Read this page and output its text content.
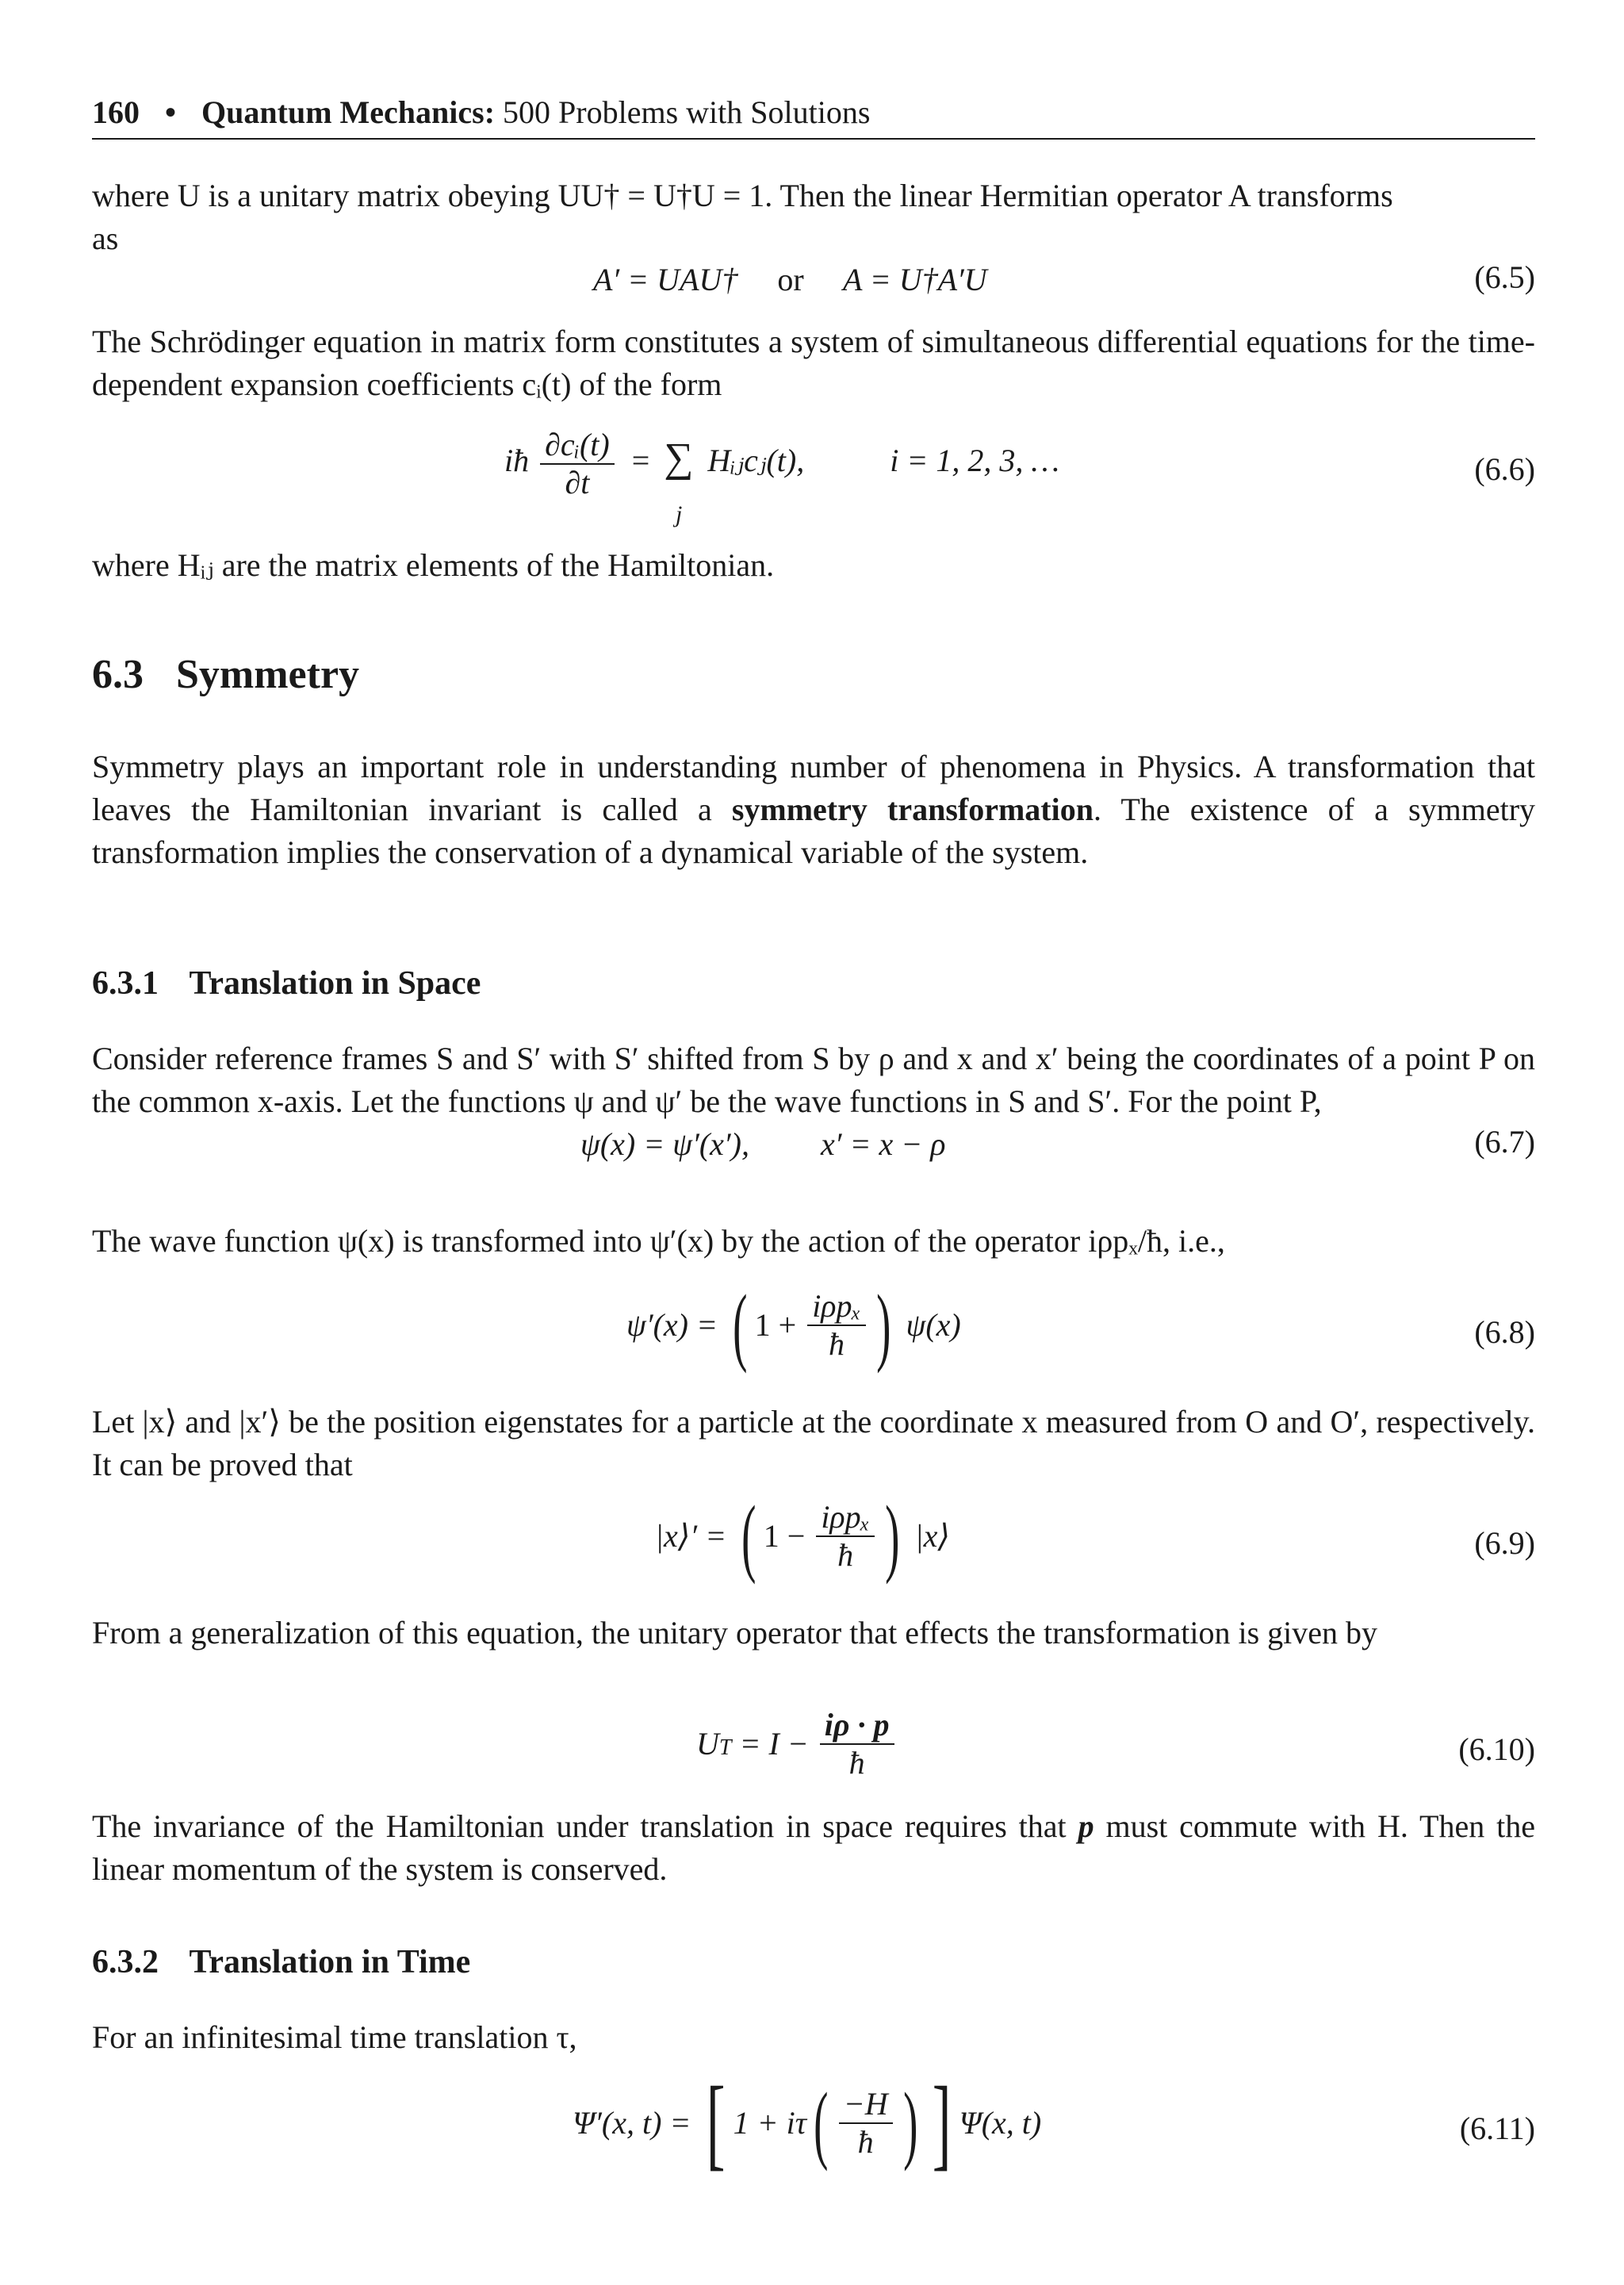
160 • Quantum Mechanics: 500 Problems with Solutions
where U is a unitary matrix obeying UU† = U†U = 1. Then the linear Hermitian operator A transforms
as
A′ = UAU† or A = U†A′U	(6.5)
The Schrödinger equation in matrix form constitutes a system of simultaneous differential equations for the time-dependent expansion coefficients cᵢ(t) of the form
iħ $\frac{\text{∂cᵢ(t)}}{\partial t}$ = ∑ Hᵢⱼcⱼ(t),	i = 1, 2, 3, …
j
(6.6)
where Hᵢⱼ are the matrix elements of the Hamiltonian.
6.3 Symmetry
Symmetry plays an important role in understanding number of phenomena in Physics. A transformation that leaves the Hamiltonian invariant is called a symmetry transformation. The existence of a symmetry transformation implies the conservation of a dynamical variable of the system.
6.3.1 Translation in Space
Consider reference frames S and S′ with S′ shifted from S by ρ and x and x′ being the coordinates of a point P on the common x-axis. Let the functions ψ and ψ′ be the wave functions in S and S′. For the point P,
ψ(x) = ψ′(x′), x′ = x − ρ	(6.7)
The wave function ψ(x) is transformed into ψ′(x) by the action of the operator iρpₓ/ħ, i.e.,
ψ′(x) = ( $1 + \frac{\text{iρpₓ}}{ħ}$ ) ψ(x)	(6.8)
Let |x⟩ and |x′⟩ be the position eigenstates for a particle at the coordinate x measured from O and O′, respectively. It can be proved that
|x⟩′ = ( $1 - \frac{\text{iρpₓ}}{ħ}$ ) |x⟩	(6.9)
From a generalization of this equation, the unitary operator that effects the transformation is given by
$U_T = I - \frac{i\rho \cdot p}{ħ}$	(6.10)
The invariance of the Hamiltonian under translation in space requires that p must commute with H. Then the linear momentum of the system is conserved.
6.3.2 Translation in Time
For an infinitesimal time translation τ,
Ψ′(x, t) = [ $1 + i\tau( \frac{-H}{ħ}$ ) ] Ψ(x, t)	(6.11)
